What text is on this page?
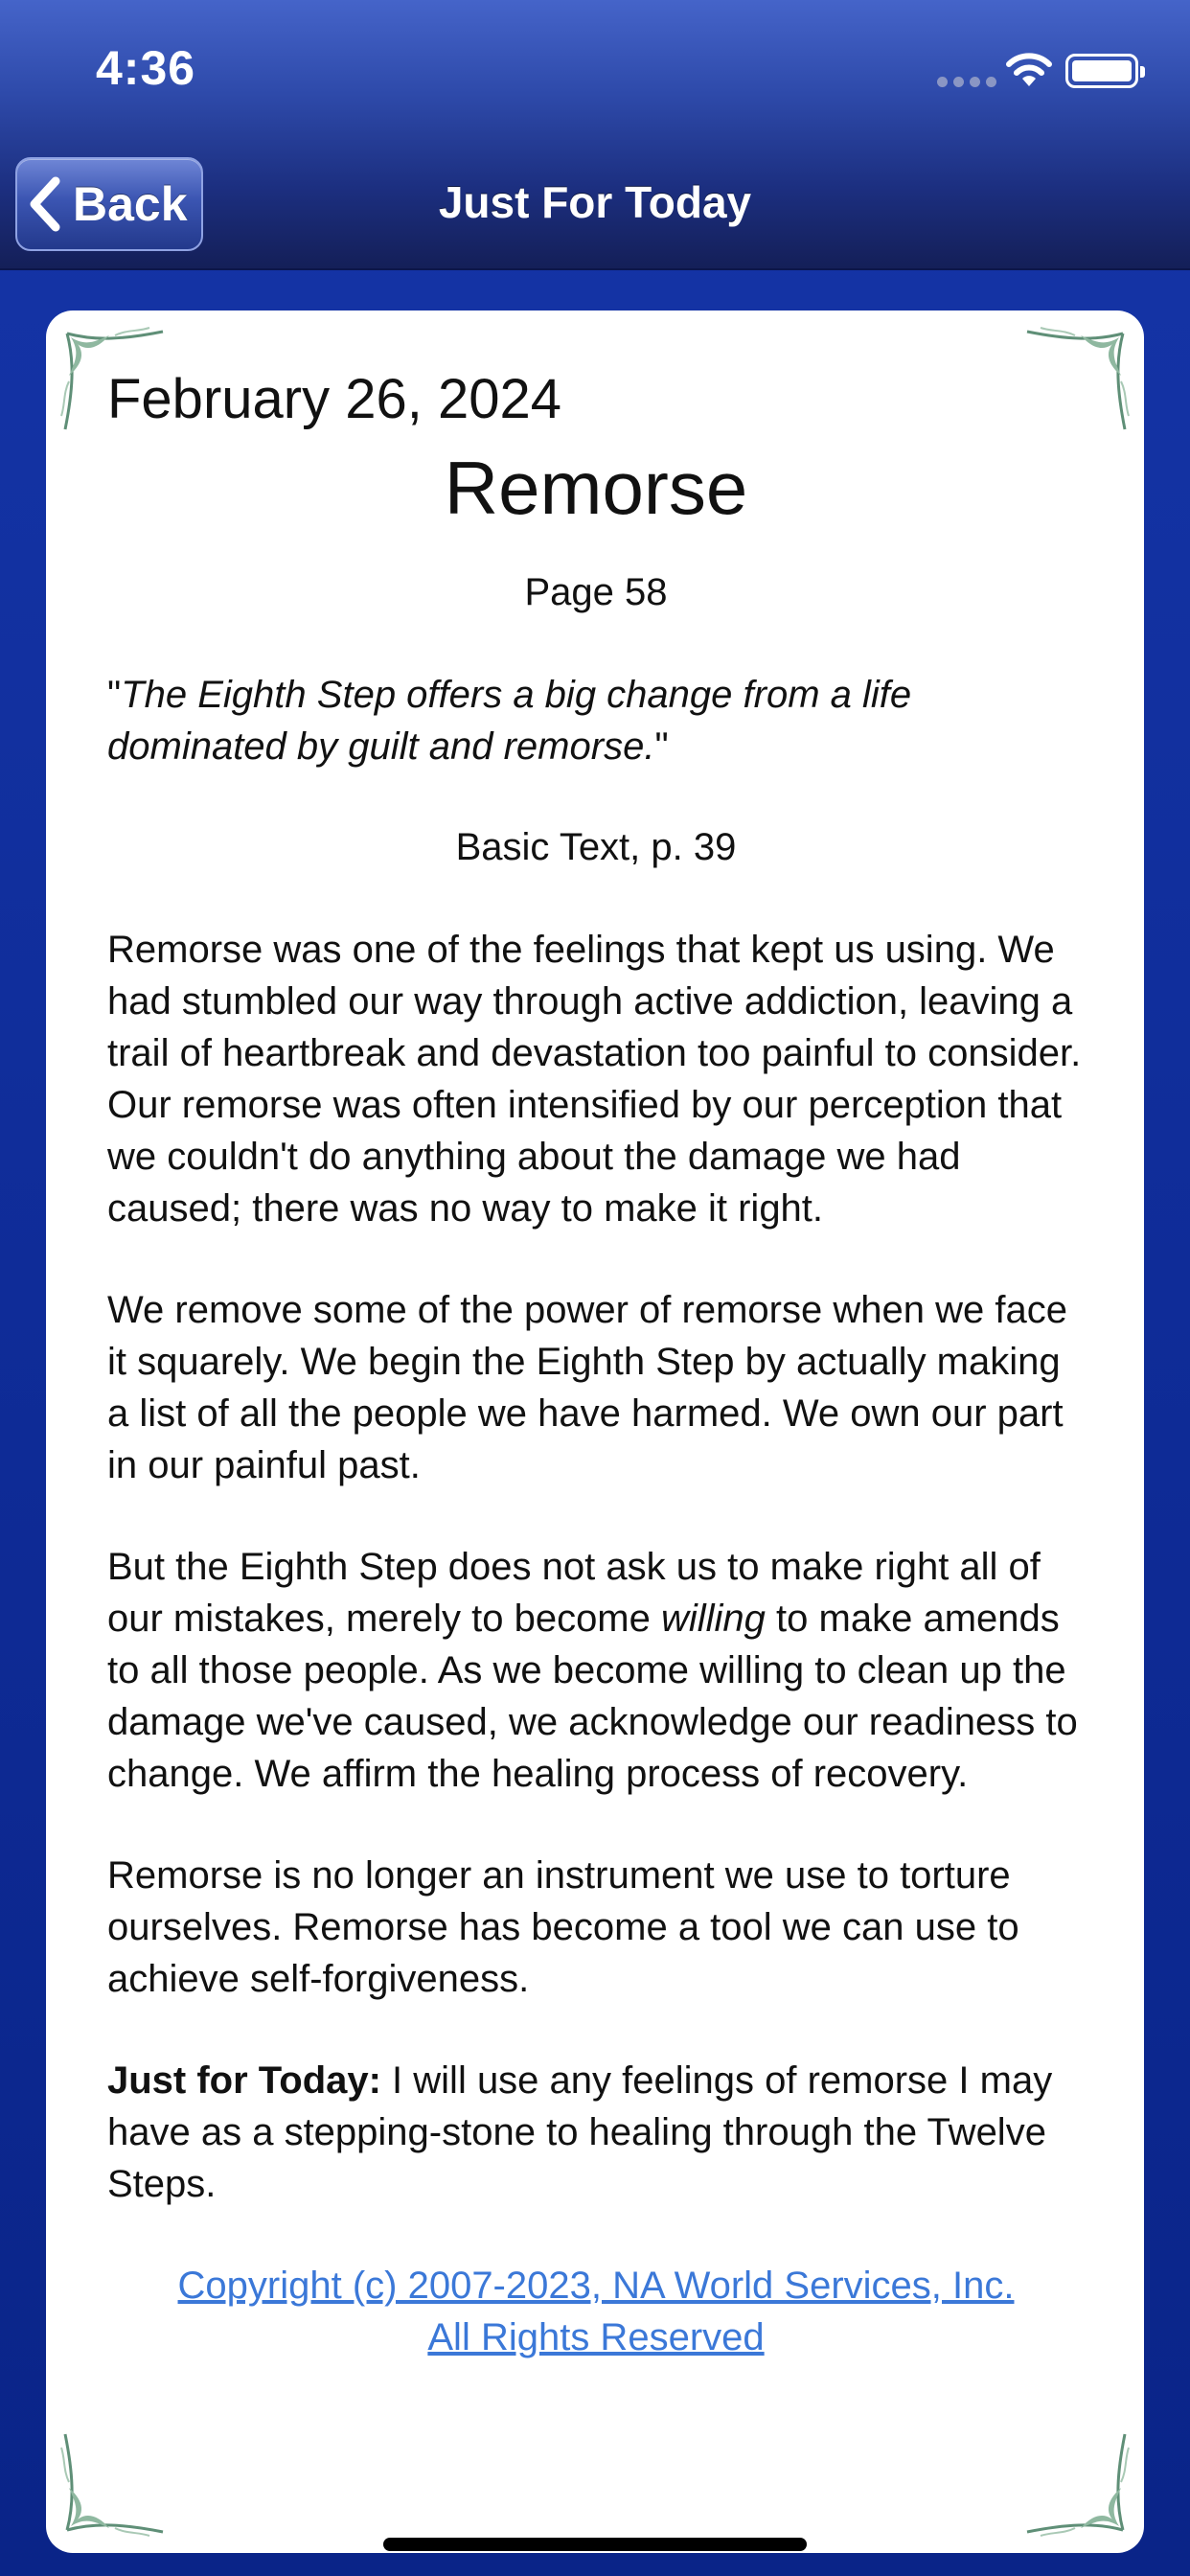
4:36
Back	Just For Today
February 26, 2024
Remorse
Page 58
"The Eighth Step offers a big change from a life dominated by guilt and remorse."
Basic Text, p. 39
Remorse was one of the feelings that kept us using. We had stumbled our way through active addiction, leaving a trail of heartbreak and devastation too painful to consider. Our remorse was often intensified by our perception that we couldn't do anything about the damage we had caused; there was no way to make it right.
We remove some of the power of remorse when we face it squarely. We begin the Eighth Step by actually making a list of all the people we have harmed. We own our part in our painful past.
But the Eighth Step does not ask us to make right all of our mistakes, merely to become willing to make amends to all those people. As we become willing to clean up the damage we've caused, we acknowledge our readiness to change. We affirm the healing process of recovery.
Remorse is no longer an instrument we use to torture ourselves. Remorse has become a tool we can use to achieve self-forgiveness.
Just for Today: I will use any feelings of remorse I may have as a stepping-stone to healing through the Twelve Steps.
Copyright (c) 2007-2023, NA World Services, Inc.
All Rights Reserved
